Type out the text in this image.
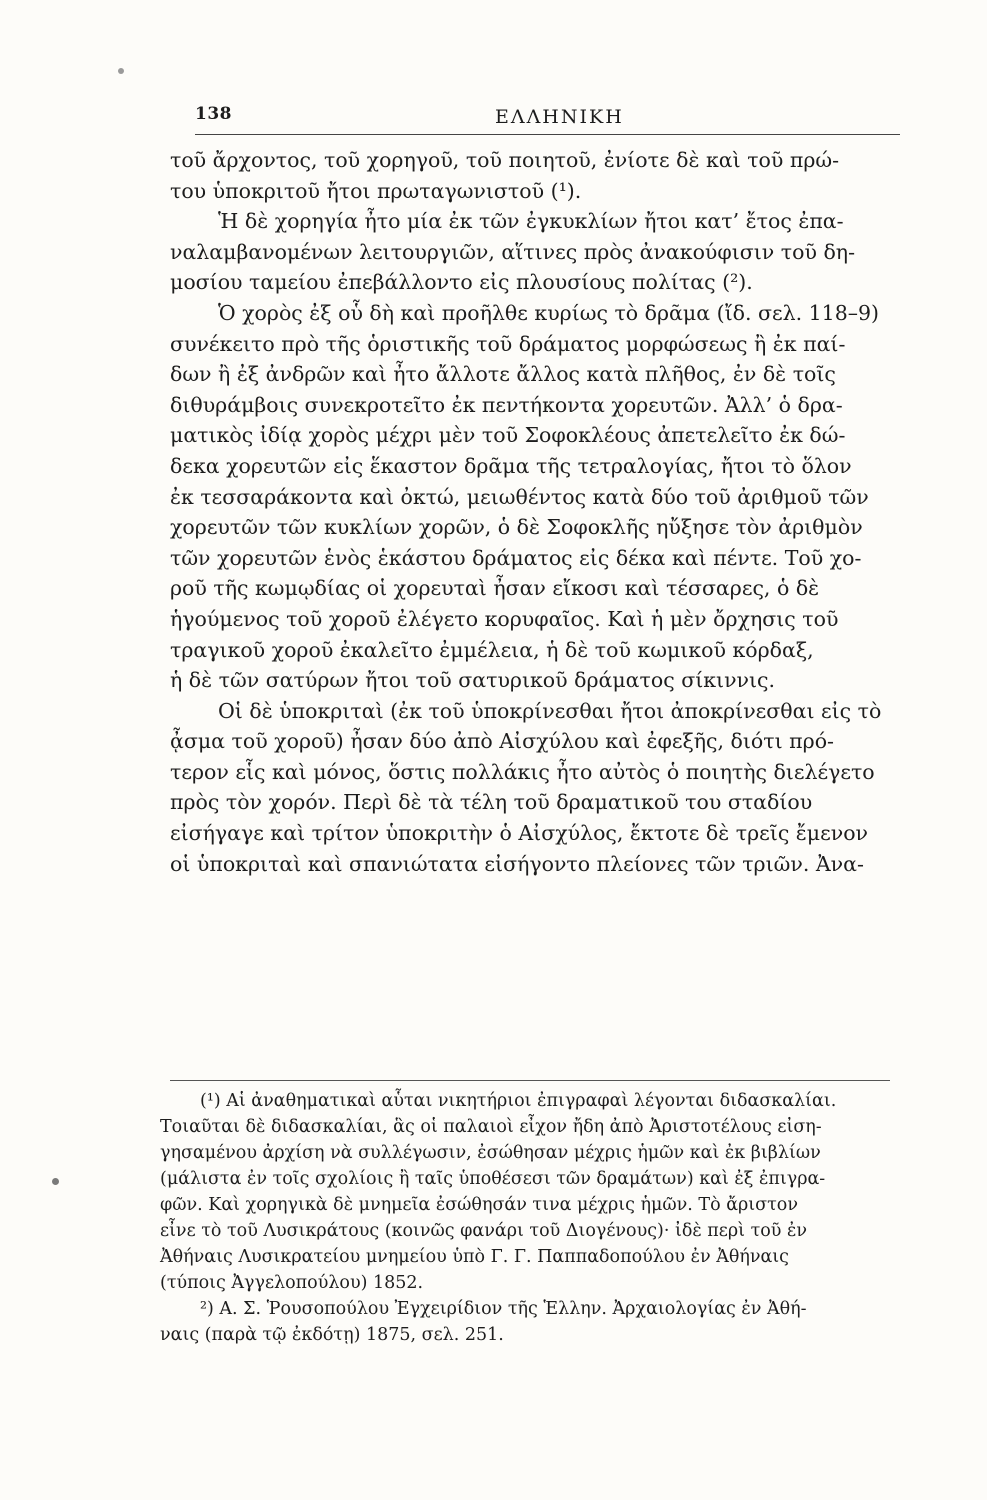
138	ΕΛΛΗΝΙΚΗ

τοῦ ἄρχοντος, τοῦ χορηγοῦ, τοῦ ποιητοῦ, ἐνίοτε δὲ καὶ τοῦ πρώ-
του ὑποκριτοῦ ἤτοι πρωταγωνιστοῦ (¹).

Ἡ δὲ χορηγία ἦτο μία ἐκ τῶν ἐγκυκλίων ἤτοι κατ’ ἔτος ἐπα-
ναλαμβανομένων λειτουργιῶν, αἵτινες πρὸς ἀνακούφισιν τοῦ δη-
μοσίου ταμείου ἐπεβάλλοντο εἰς πλουσίους πολίτας (²).

Ὁ χορὸς ἐξ οὗ δὴ καὶ προῆλθε κυρίως τὸ δρᾶμα (ἴδ. σελ. 118–9)
συνέκειτο πρὸ τῆς ὁριστικῆς τοῦ δράματος μορφώσεως ἢ ἐκ παί-
δων ἢ ἐξ ἀνδρῶν καὶ ἦτο ἄλλοτε ἄλλος κατὰ πλῆθος, ἐν δὲ τοῖς
διθυράμβοις συνεκροτεῖτο ἐκ πεντήκοντα χορευτῶν. Ἀλλ’ ὁ δρα-
ματικὸς ἰδίᾳ χορὸς μέχρι μὲν τοῦ Σοφοκλέους ἀπετελεῖτο ἐκ δώ-
δεκα χορευτῶν εἰς ἕκαστον δρᾶμα τῆς τετραλογίας, ἤτοι τὸ ὅλον
ἐκ τεσσαράκοντα καὶ ὀκτώ, μειωθέντος κατὰ δύο τοῦ ἀριθμοῦ τῶν
χορευτῶν τῶν κυκλίων χορῶν, ὁ δὲ Σοφοκλῆς ηὔξησε τὸν ἀριθμὸν
τῶν χορευτῶν ἑνὸς ἑκάστου δράματος εἰς δέκα καὶ πέντε. Τοῦ χο-
ροῦ τῆς κωμῳδίας οἱ χορευταὶ ἦσαν εἴκοσι καὶ τέσσαρες, ὁ δὲ
ἡγούμενος τοῦ χοροῦ ἐλέγετο κορυφαῖος. Καὶ ἡ μὲν ὄρχησις τοῦ
τραγικοῦ χοροῦ ἐκαλεῖτο ἐμμέλεια, ἡ δὲ τοῦ κωμικοῦ κόρδαξ,
ἡ δὲ τῶν σατύρων ἤτοι τοῦ σατυρικοῦ δράματος σίκιννις.

Οἱ δὲ ὑποκριταὶ (ἐκ τοῦ ὑποκρίνεσθαι ἤτοι ἀποκρίνεσθαι εἰς τὸ
ᾆσμα τοῦ χοροῦ) ἦσαν δύο ἀπὸ Αἰσχύλου καὶ ἐφεξῆς, διότι πρό-
τερον εἷς καὶ μόνος, ὅστις πολλάκις ἦτο αὐτὸς ὁ ποιητὴς διελέγετο
πρὸς τὸν χορόν. Περὶ δὲ τὰ τέλη τοῦ δραματικοῦ του σταδίου
εἰσήγαγε καὶ τρίτον ὑποκριτὴν ὁ Αἰσχύλος, ἔκτοτε δὲ τρεῖς ἔμενον
οἱ ὑποκριταὶ καὶ σπανιώτατα εἰσήγοντο πλείονες τῶν τριῶν. Ἀνα-

(¹) Αἱ ἀναθηματικαὶ αὗται νικητήριοι ἐπιγραφαὶ λέγονται διδασκαλίαι.
Τοιαῦται δὲ διδασκαλίαι, ἃς οἱ παλαιοὶ εἶχον ἤδη ἀπὸ Ἀριστοτέλους εἰση-
γησαμένου ἀρχίση νὰ συλλέγωσιν, ἐσώθησαν μέχρις ἡμῶν καὶ ἐκ βιβλίων
(μάλιστα ἐν τοῖς σχολίοις ἢ ταῖς ὑποθέσεσι τῶν δραμάτων) καὶ ἐξ ἐπιγρα-
φῶν. Καὶ χορηγικὰ δὲ μνημεῖα ἐσώθησάν τινα μέχρις ἡμῶν. Τὸ ἄριστον
εἶνε τὸ τοῦ Λυσικράτους (κοινῶς φανάρι τοῦ Διογένους)· ἰδὲ περὶ τοῦ ἐν
Ἀθήναις Λυσικρατείου μνημείου ὑπὸ Γ. Γ. Παππαδοπούλου ἐν Ἀθήναις
(τύποις Ἀγγελοπούλου) 1852.
²) Α. Σ. Ῥουσοπούλου Ἐγχειρίδιον τῆς Ἑλλην. Ἀρχαιολογίας ἐν Ἀθή-
ναις (παρὰ τῷ ἐκδότῃ) 1875, σελ. 251.
